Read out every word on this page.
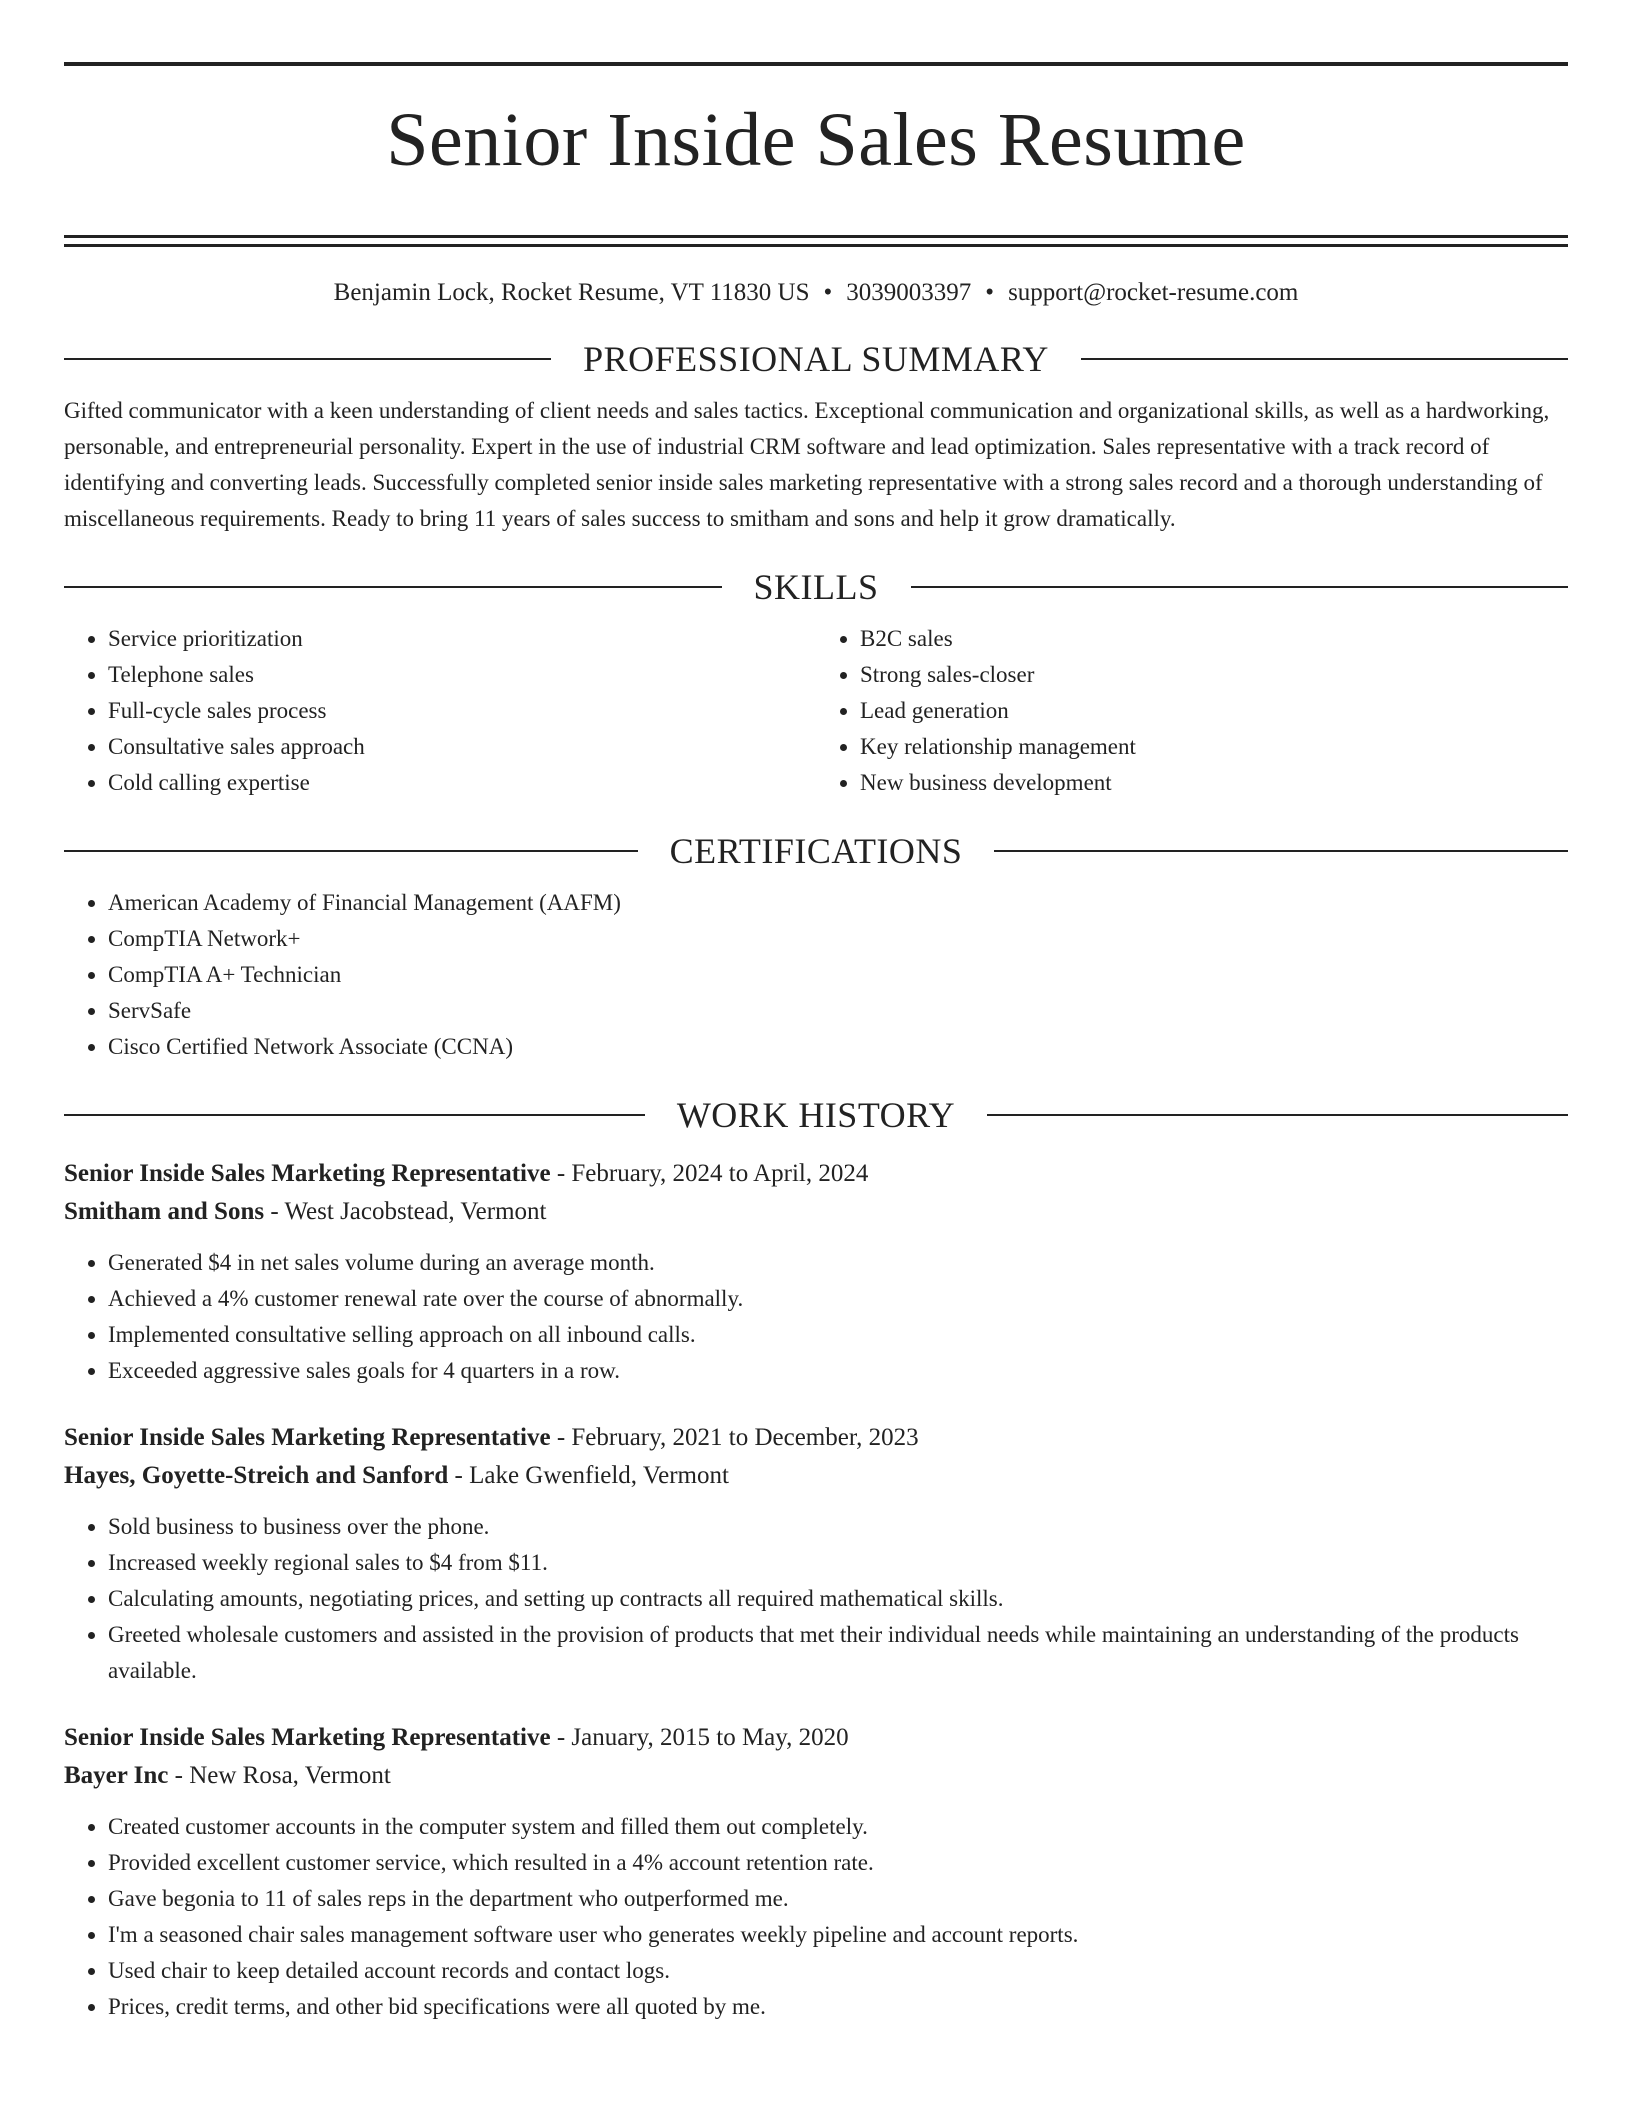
Senior Inside Sales Resume
Benjamin Lock, Rocket Resume, VT 11830 US • 3039003397 • support@rocket-resume.com
PROFESSIONAL SUMMARY
Gifted communicator with a keen understanding of client needs and sales tactics. Exceptional communication and organizational skills, as well as a hardworking, personable, and entrepreneurial personality. Expert in the use of industrial CRM software and lead optimization. Sales representative with a track record of identifying and converting leads. Successfully completed senior inside sales marketing representative with a strong sales record and a thorough understanding of miscellaneous requirements. Ready to bring 11 years of sales success to smitham and sons and help it grow dramatically.
SKILLS
• Service prioritization
• Telephone sales
• Full-cycle sales process
• Consultative sales approach
• Cold calling expertise
• B2C sales
• Strong sales-closer
• Lead generation
• Key relationship management
• New business development
CERTIFICATIONS
• American Academy of Financial Management (AAFM)
• CompTIA Network+
• CompTIA A+ Technician
• ServSafe
• Cisco Certified Network Associate (CCNA)
WORK HISTORY
Senior Inside Sales Marketing Representative - February, 2024 to April, 2024
Smitham and Sons - West Jacobstead, Vermont
• Generated $4 in net sales volume during an average month.
• Achieved a 4% customer renewal rate over the course of abnormally.
• Implemented consultative selling approach on all inbound calls.
• Exceeded aggressive sales goals for 4 quarters in a row.
Senior Inside Sales Marketing Representative - February, 2021 to December, 2023
Hayes, Goyette-Streich and Sanford - Lake Gwenfield, Vermont
• Sold business to business over the phone.
• Increased weekly regional sales to $4 from $11.
• Calculating amounts, negotiating prices, and setting up contracts all required mathematical skills.
• Greeted wholesale customers and assisted in the provision of products that met their individual needs while maintaining an understanding of the products available.
Senior Inside Sales Marketing Representative - January, 2015 to May, 2020
Bayer Inc - New Rosa, Vermont
• Created customer accounts in the computer system and filled them out completely.
• Provided excellent customer service, which resulted in a 4% account retention rate.
• Gave begonia to 11 of sales reps in the department who outperformed me.
• I'm a seasoned chair sales management software user who generates weekly pipeline and account reports.
• Used chair to keep detailed account records and contact logs.
• Prices, credit terms, and other bid specifications were all quoted by me.
